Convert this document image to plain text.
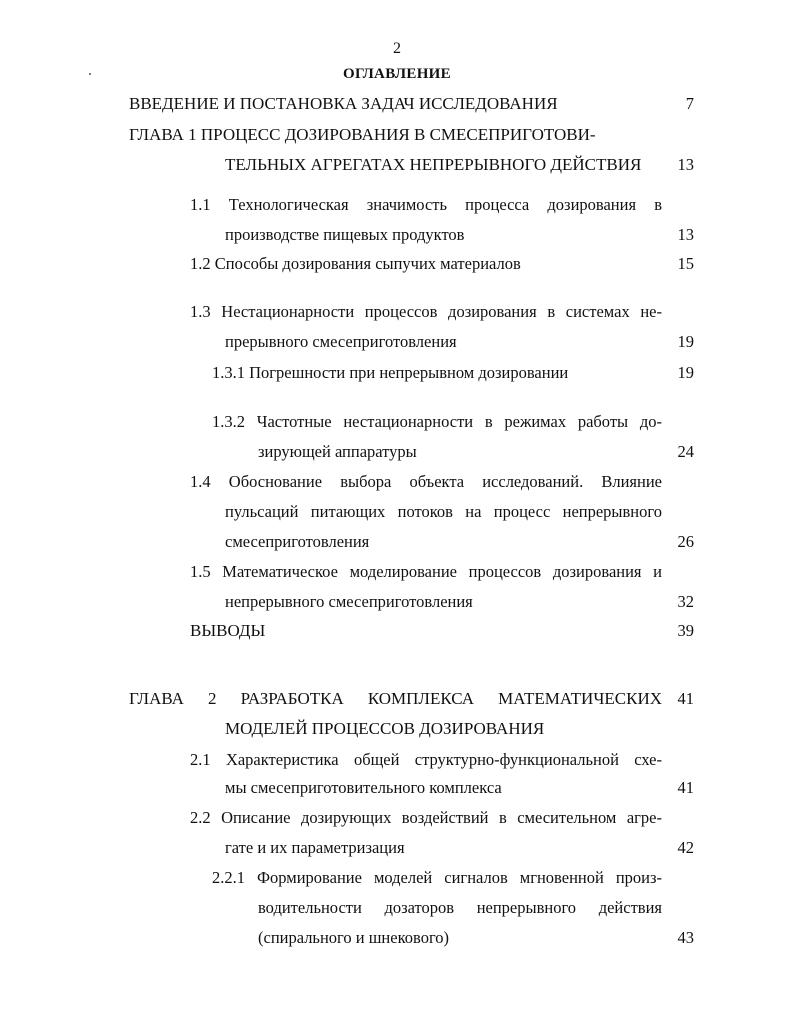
2
ОГЛАВЛЕНИЕ
ВВЕДЕНИЕ И ПОСТАНОВКА ЗАДАЧ ИССЛЕДОВАНИЯ	7
ГЛАВА 1 ПРОЦЕСС ДОЗИРОВАНИЯ В СМЕСЕПРИГОТОВИ-
ТЕЛЬНЫХ АГРЕГАТАХ НЕПРЕРЫВНОГО ДЕЙСТВИЯ	13
1.1 Технологическая значимость процесса дозирования в
производстве пищевых продуктов	13
1.2 Способы дозирования сыпучих материалов	15
1.3 Нестационарности процессов дозирования в системах не-
прерывного смесеприготовления	19
1.3.1 Погрешности при непрерывном дозировании	19
1.3.2 Частотные нестационарности в режимах работы до-
зирующей аппаратуры	24
1.4 Обоснование выбора объекта исследований. Влияние
пульсаций питающих потоков на процесс непрерывного
смесеприготовления	26
1.5 Математическое моделирование процессов дозирования и
непрерывного смесеприготовления	32
ВЫВОДЫ	39
ГЛАВА 2 РАЗРАБОТКА КОМПЛЕКСА МАТЕМАТИЧЕСКИХ 41
МОДЕЛЕЙ ПРОЦЕССОВ ДОЗИРОВАНИЯ
2.1 Характеристика общей структурно-функциональной схе-
мы смесеприготовительного комплекса	41
2.2 Описание дозирующих воздействий в смесительном агре-
гате и их параметризация	42
2.2.1 Формирование моделей сигналов мгновенной произ-
водительности дозаторов непрерывного действия
(спирального и шнекового)	43
